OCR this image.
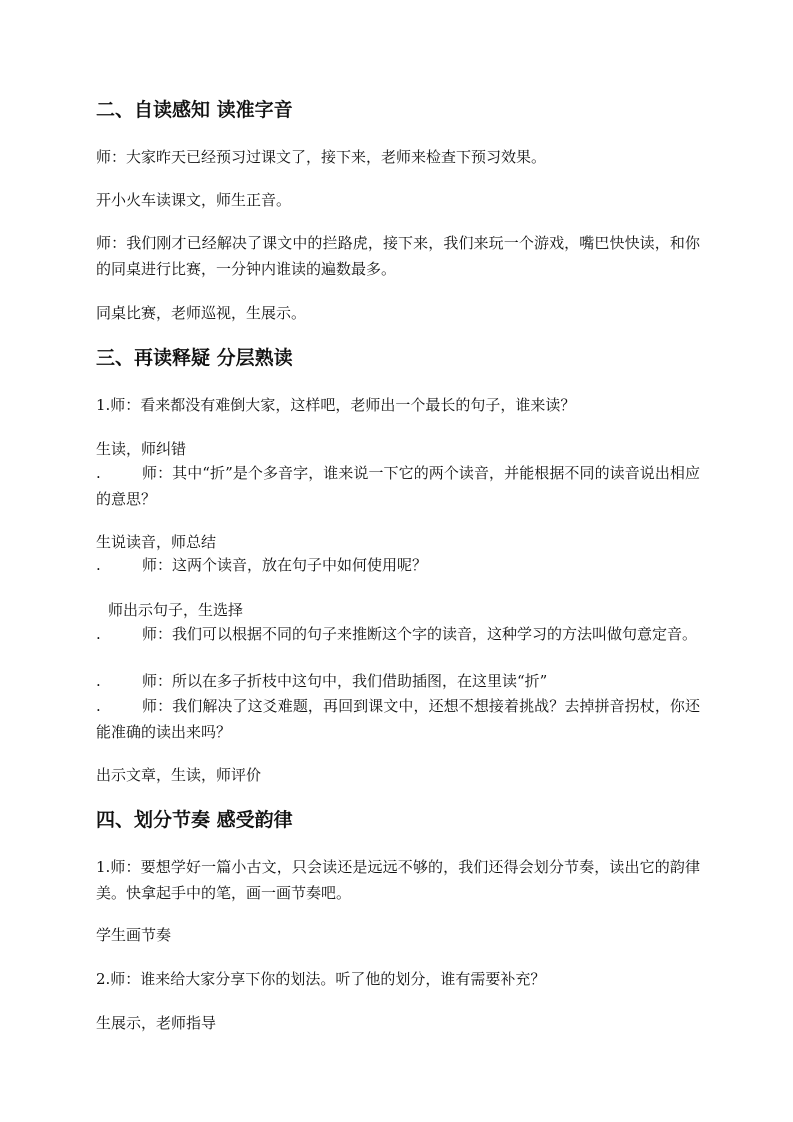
二、自读感知 读准字音
师：大家昨天已经预习过课文了，接下来，老师来检查下预习效果。
开小火车读课文，师生正音。
师：我们刚才已经解决了课文中的拦路虎，接下来，我们来玩一个游戏，嘴巴快快读，和你的同桌进行比赛，一分钟内谁读的遍数最多。
同桌比赛，老师巡视，生展示。
三、再读释疑 分层熟读
1.师：看来都没有难倒大家，这样吧，老师出一个最长的句子，谁来读？
生读，师纠错
.	师：其中“折”是个多音字，谁来说一下它的两个读音，并能根据不同的读音说出相应的意思？
生说读音，师总结
.	师：这两个读音，放在句子中如何使用呢？
师出示句子，生选择
.	师：我们可以根据不同的句子来推断这个字的读音，这种学习的方法叫做句意定音。
.	师：所以在多子折枝中这句中，我们借助插图，在这里读“折”
.	师：我们解决了这爻难题，再回到课文中，还想不想接着挑战？去掉拼音拐杖，你还能准确的读出来吗？
出示文章，生读，师评价
四、划分节奏 感受韵律
1.师：要想学好一篇小古文，只会读还是远远不够的，我们还得会划分节奏，读出它的韵律美。快拿起手中的笔，画一画节奏吧。
学生画节奏
2.师：谁来给大家分享下你的划法。听了他的划分，谁有需要补充？
生展示，老师指导
